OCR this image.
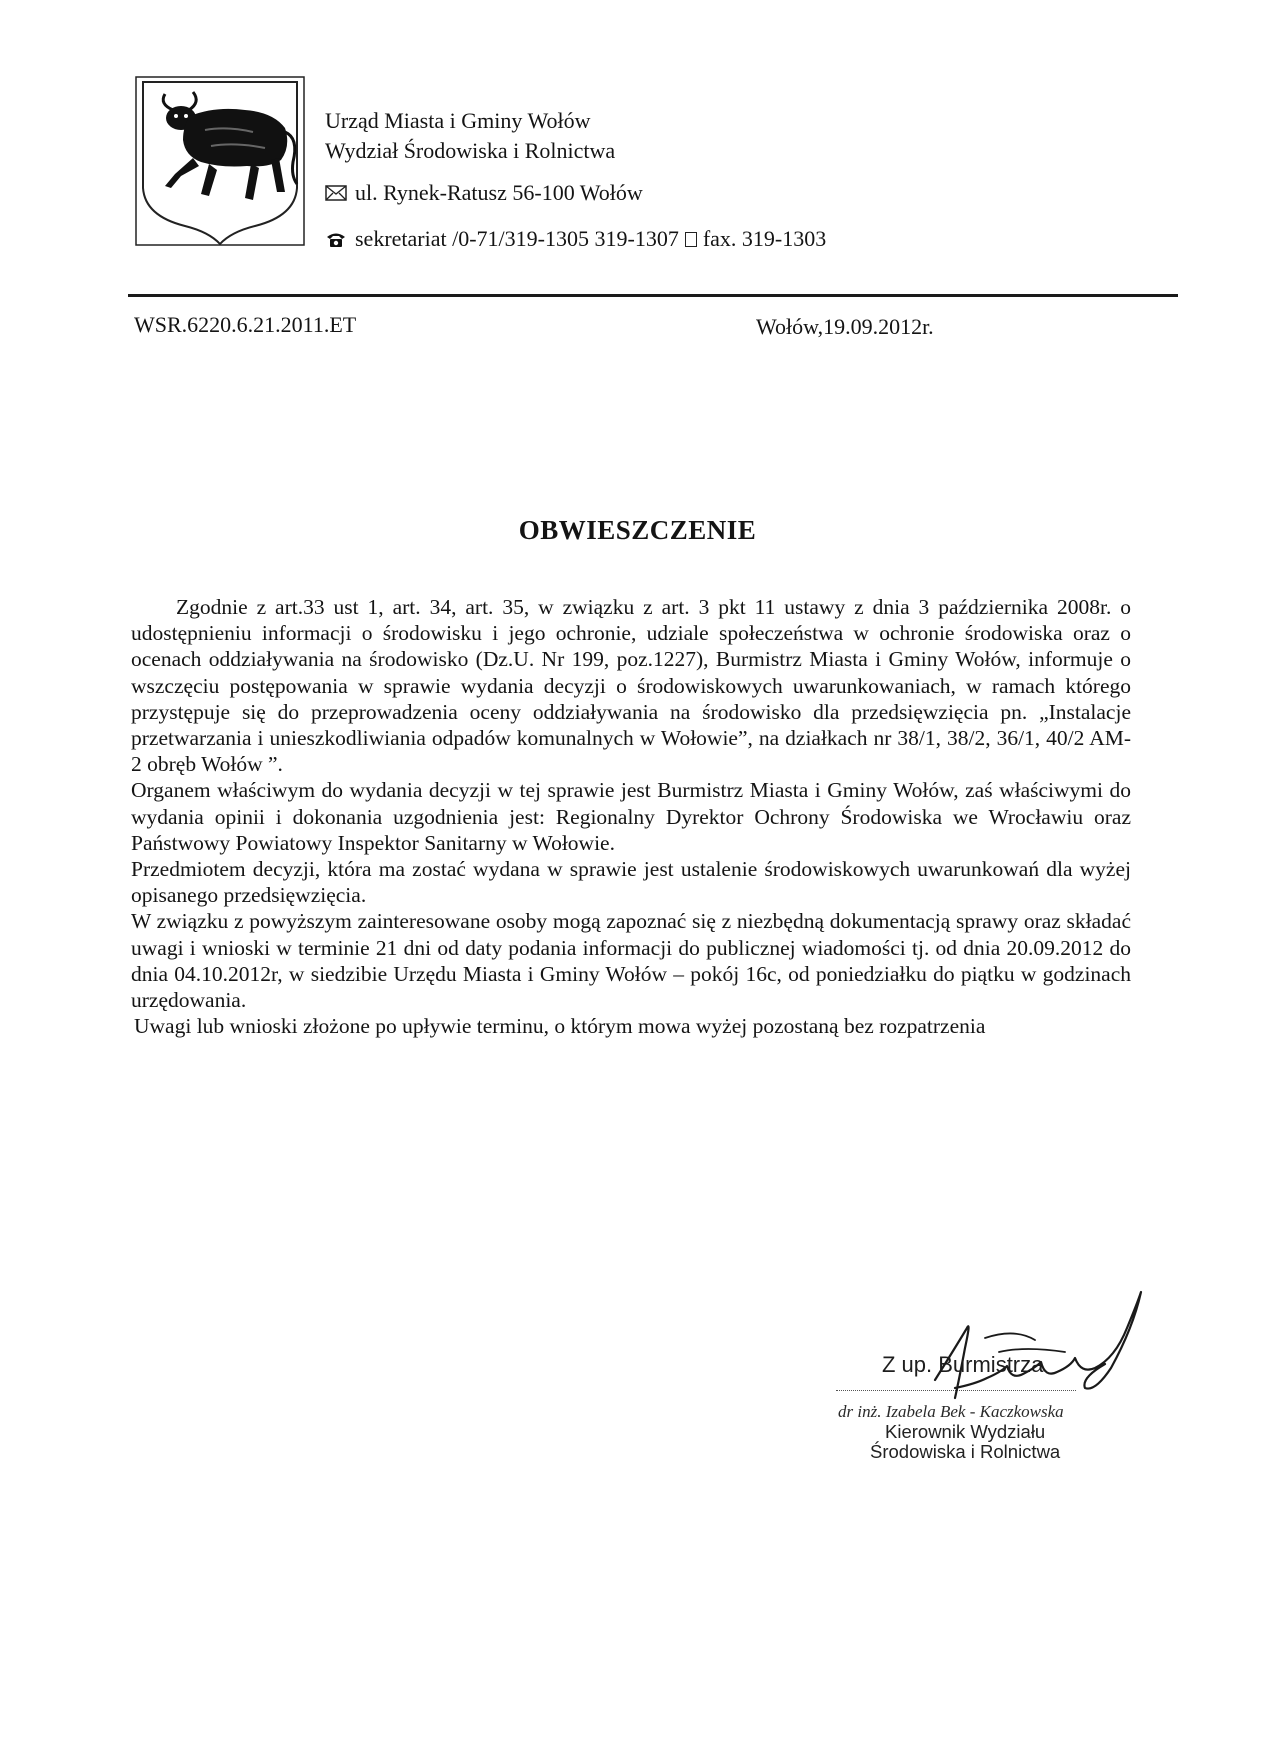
Urząd Miasta i Gminy Wołów
Wydział Środowiska i Rolnictwa
ul. Rynek-Ratusz 56-100 Wołów
sekretariat /0-71/319-1305 319-1307 fax. 319-1303
WSR.6220.6.21.2011.ET	Wołów,19.09.2012r.
OBWIESZCZENIE

Zgodnie z art.33 ust 1, art. 34, art. 35, w związku z art. 3 pkt 11 ustawy z dnia 3 października 2008r. o udostępnieniu informacji o środowisku i jego ochronie, udziale społeczeństwa w ochronie środowiska oraz o ocenach oddziaływania na środowisko (Dz.U. Nr 199, poz.1227), Burmistrz Miasta i Gminy Wołów, informuje o wszczęciu postępowania w sprawie wydania decyzji o środowiskowych uwarunkowaniach, w ramach którego przystępuje się do przeprowadzenia oceny oddziaływania na środowisko dla przedsięwzięcia pn. „Instalacje przetwarzania i unieszkodliwiania odpadów komunalnych w Wołowie”, na działkach nr 38/1, 38/2, 36/1, 40/2 AM-2 obręb Wołów ”.

Organem właściwym do wydania decyzji w tej sprawie jest Burmistrz Miasta i Gminy Wołów, zaś właściwymi do wydania opinii i dokonania uzgodnienia jest: Regionalny Dyrektor Ochrony Środowiska we Wrocławiu oraz Państwowy Powiatowy Inspektor Sanitarny w Wołowie.

Przedmiotem decyzji, która ma zostać wydana w sprawie jest ustalenie środowiskowych uwarunkowań dla wyżej opisanego przedsięwzięcia.

W związku z powyższym zainteresowane osoby mogą zapoznać się z niezbędną dokumentacją sprawy oraz składać uwagi i wnioski w terminie 21 dni od daty podania informacji do publicznej wiadomości tj. od dnia 20.09.2012 do dnia 04.10.2012r, w siedzibie Urzędu Miasta i Gminy Wołów – pokój 16c, od poniedziałku do piątku w godzinach urzędowania.

Uwagi lub wnioski złożone po upływie terminu, o którym mowa wyżej pozostaną bez rozpatrzenia

Z up. Burmistrza
dr inż. Izabela Bek - Kaczkowska
Kierownik Wydziału
Środowiska i Rolnictwa
